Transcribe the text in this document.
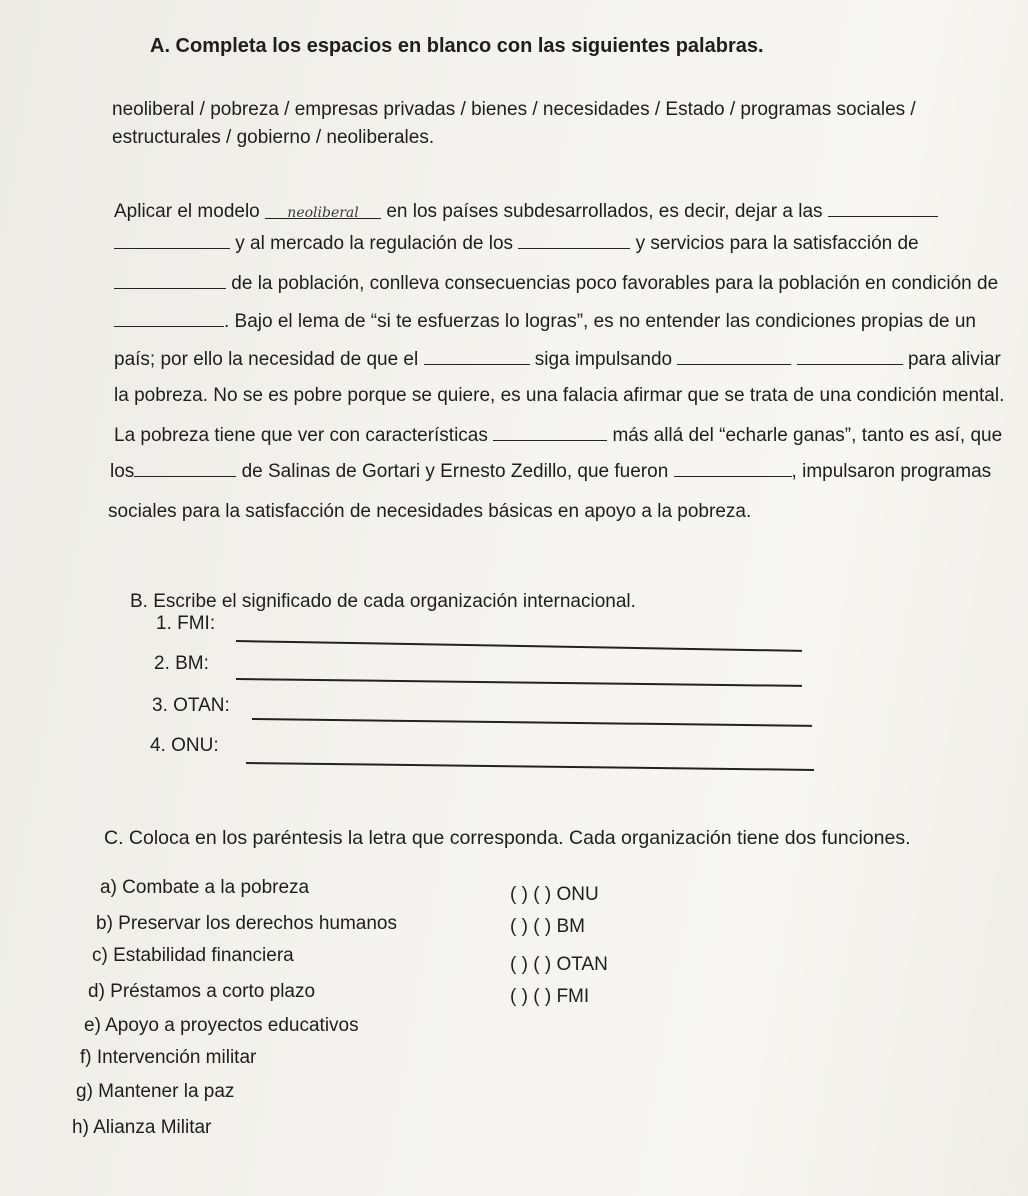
A. Completa los espacios en blanco con las siguientes palabras.
neoliberal / pobreza / empresas privadas / bienes / necesidades / Estado / programas sociales /
estructurales / gobierno / neoliberales.
Aplicar el modelo neoliberal en los países subdesarrollados, es decir, dejar a las
y al mercado la regulación de los	y servicios para la satisfacción de
de la población, conlleva consecuencias poco favorables para la población en condición de
. Bajo el lema de “si te esfuerzas lo logras”, es no entender las condiciones propias de un
país; por ello la necesidad de que el	siga impulsando	para aliviar
la pobreza. No se es pobre porque se quiere, es una falacia afirmar que se trata de una condición mental.
La pobreza tiene que ver con características	más allá del “echarle ganas”, tanto es así, que
los	de Salinas de Gortari y Ernesto Zedillo, que fueron	, impulsaron programas
sociales para la satisfacción de necesidades básicas en apoyo a la pobreza.
B. Escribe el significado de cada organización internacional.
1. FMI:
2. BM:
3. OTAN:
4. ONU:
C. Coloca en los paréntesis la letra que corresponda. Cada organización tiene dos funciones.
a) Combate a la pobreza
b) Preservar los derechos humanos
c) Estabilidad financiera
d) Préstamos a corto plazo
e) Apoyo a proyectos educativos
f) Intervención militar
g) Mantener la paz
h) Alianza Militar
( ) ( ) ONU
( ) ( ) BM
( ) ( ) OTAN
( ) ( ) FMI
